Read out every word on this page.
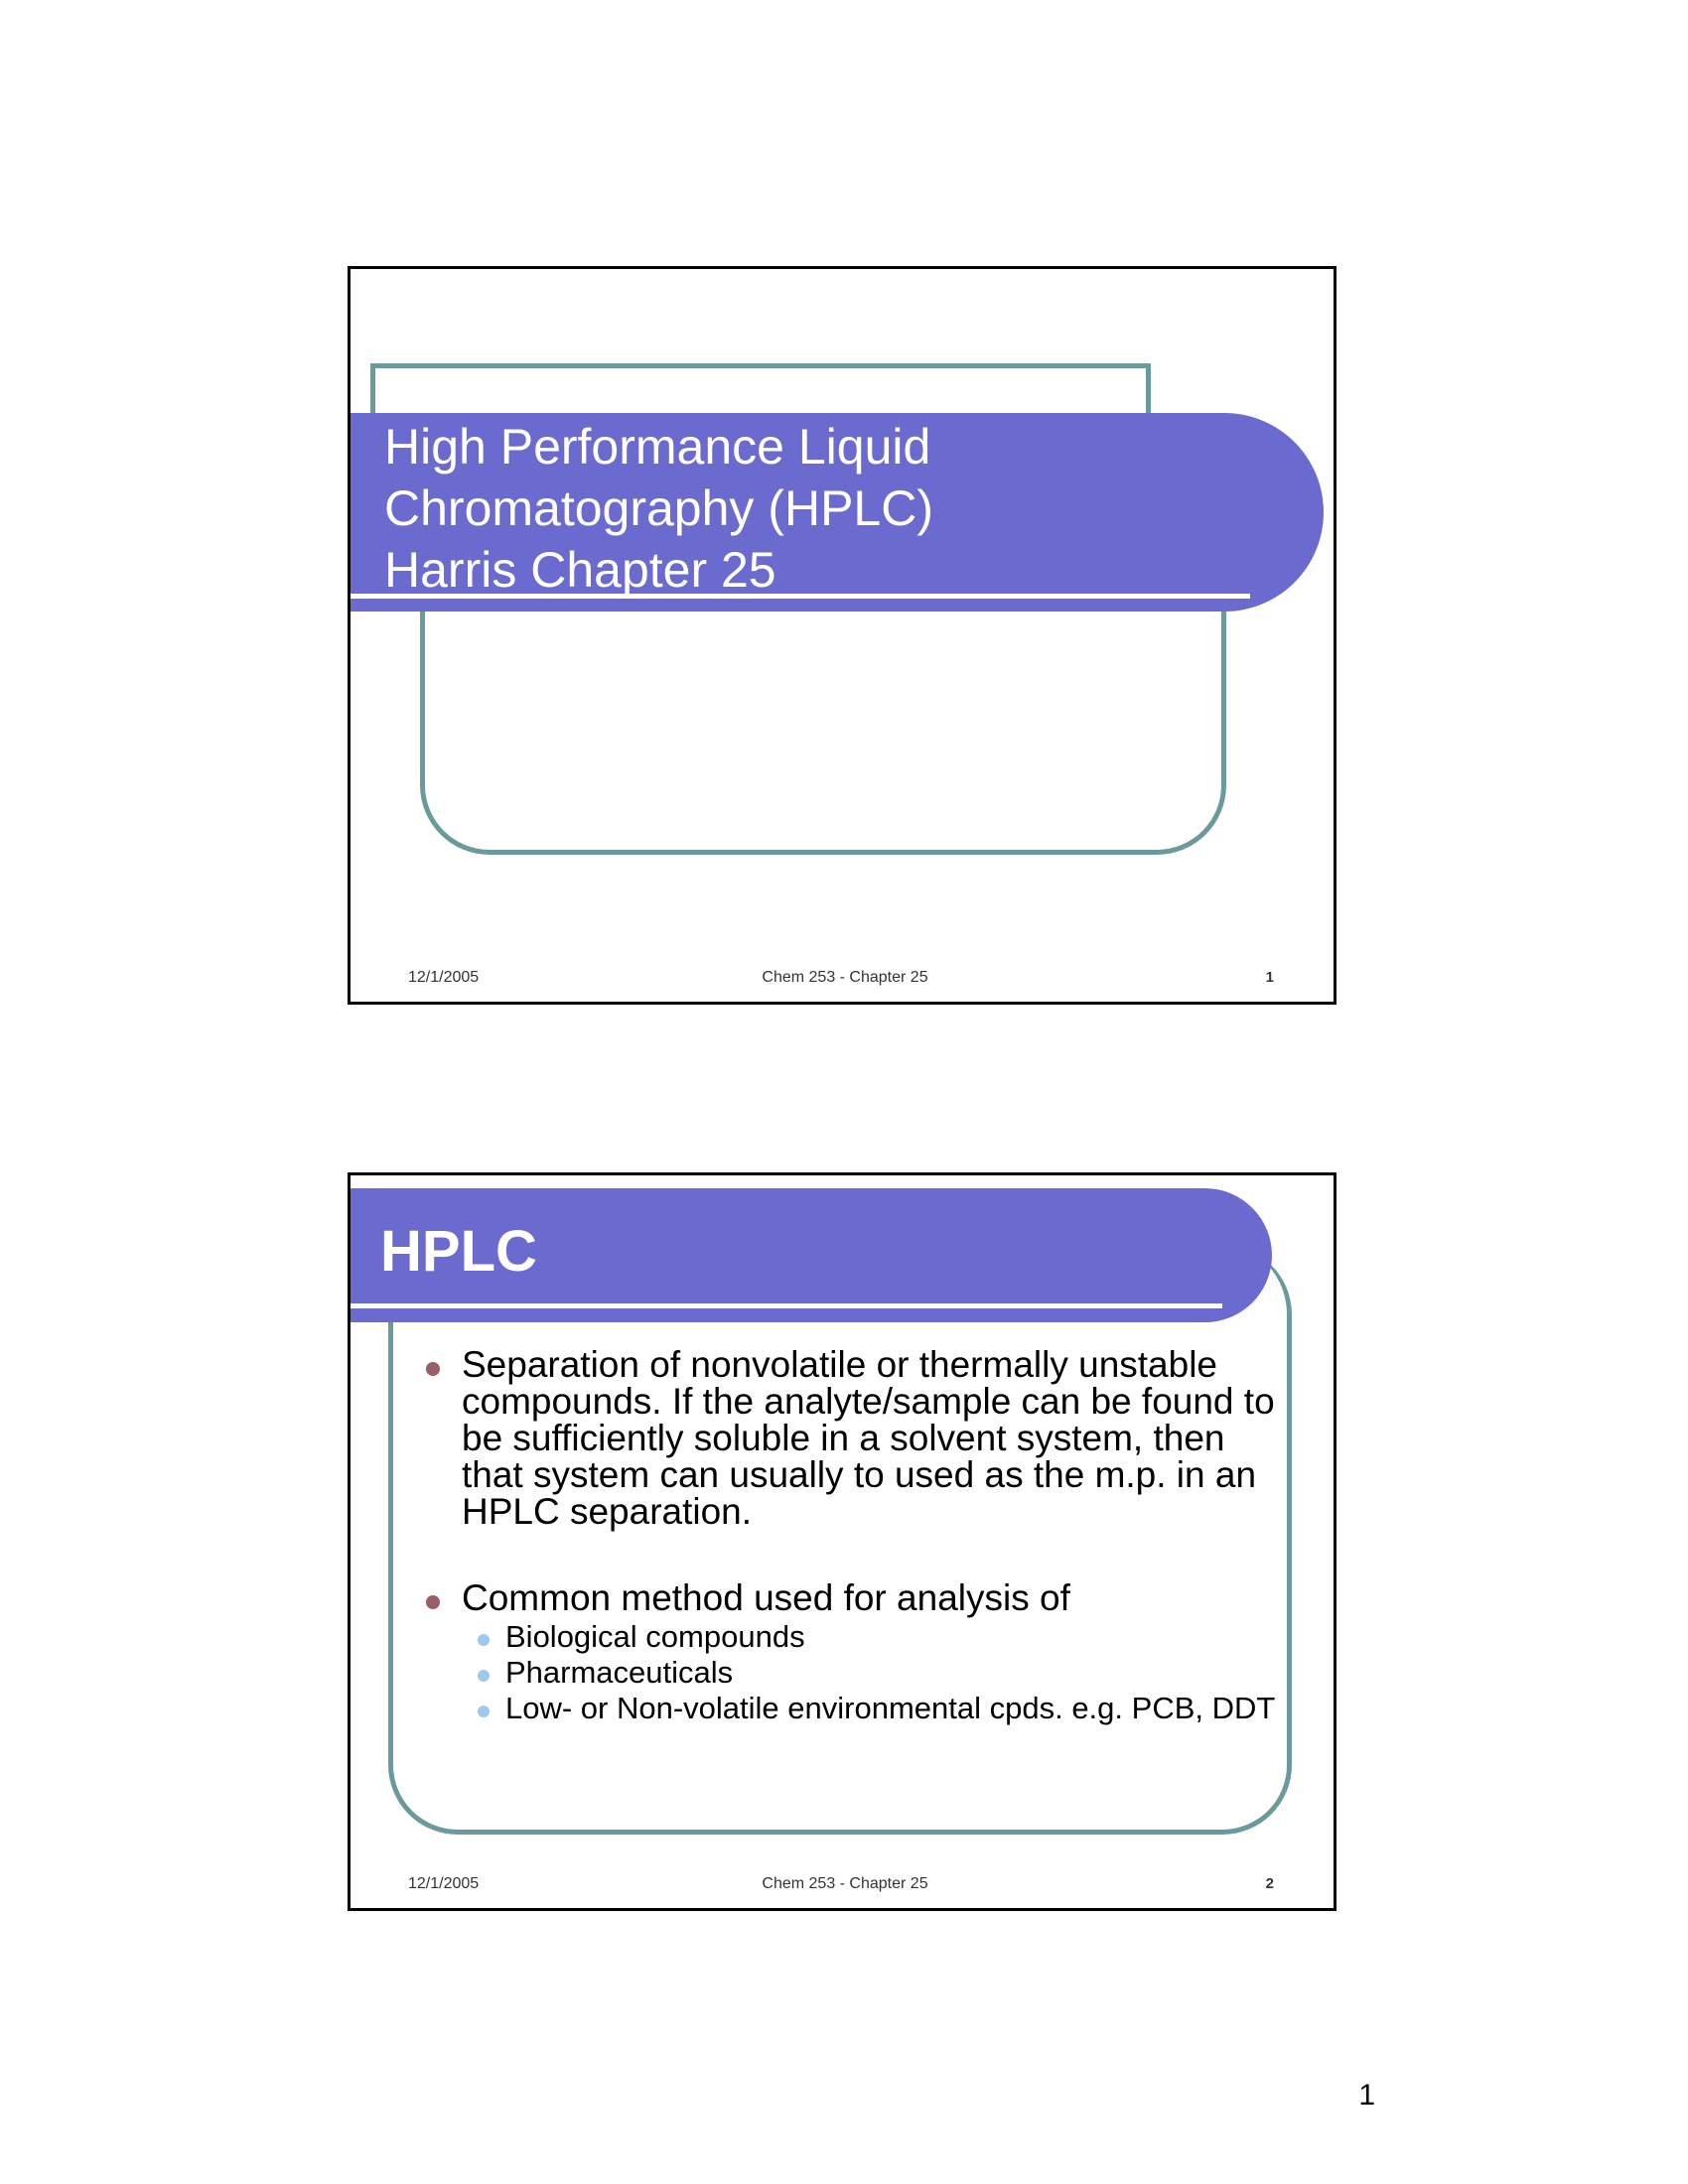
High Performance Liquid
Chromatography (HPLC)
Harris Chapter 25
12/1/2005	Chem 253 - Chapter 25	1
HPLC
Separation of nonvolatile or thermally unstable compounds. If the analyte/sample can be found to be sufficiently soluble in a solvent system, then that system can usually to used as the m.p. in an HPLC separation.
Common method used for analysis of
Biological compounds
Pharmaceuticals
Low- or Non-volatile environmental cpds. e.g. PCB, DDT
12/1/2005	Chem 253 - Chapter 25	2
1
